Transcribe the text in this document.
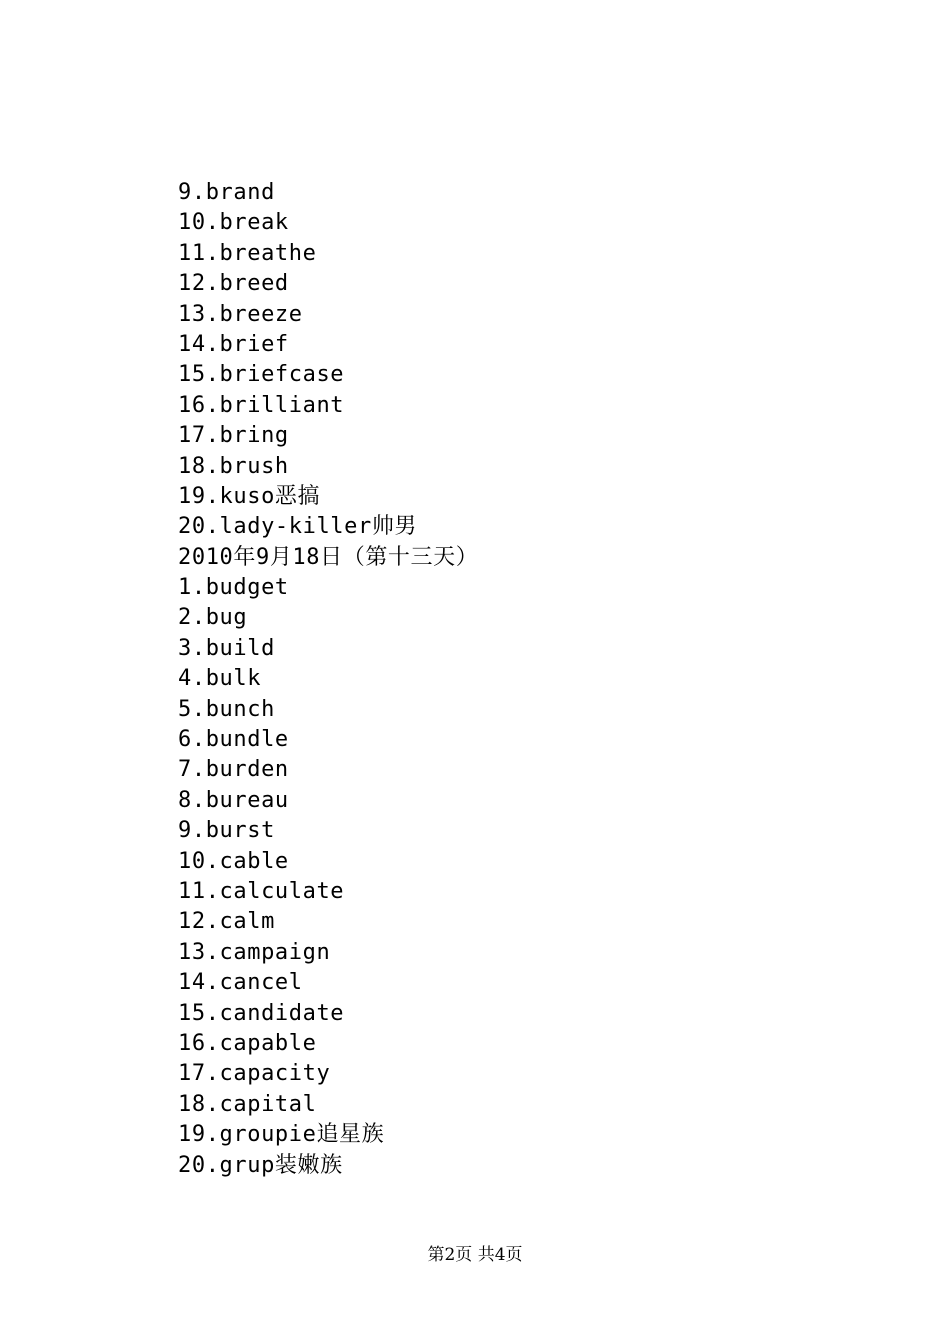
9.brand
10.break
11.breathe
12.breed
13.breeze
14.brief
15.briefcase
16.brilliant
17.bring
18.brush
19.kuso恶搞
20.lady-killer帅男
2010年9月18日（第十三天）
1.budget
2.bug
3.build
4.bulk
5.bunch
6.bundle
7.burden
8.bureau
9.burst
10.cable
11.calculate
12.calm
13.campaign
14.cancel
15.candidate
16.capable
17.capacity
18.capital
19.groupie追星族
20.grup装嫩族
第2页 共4页
